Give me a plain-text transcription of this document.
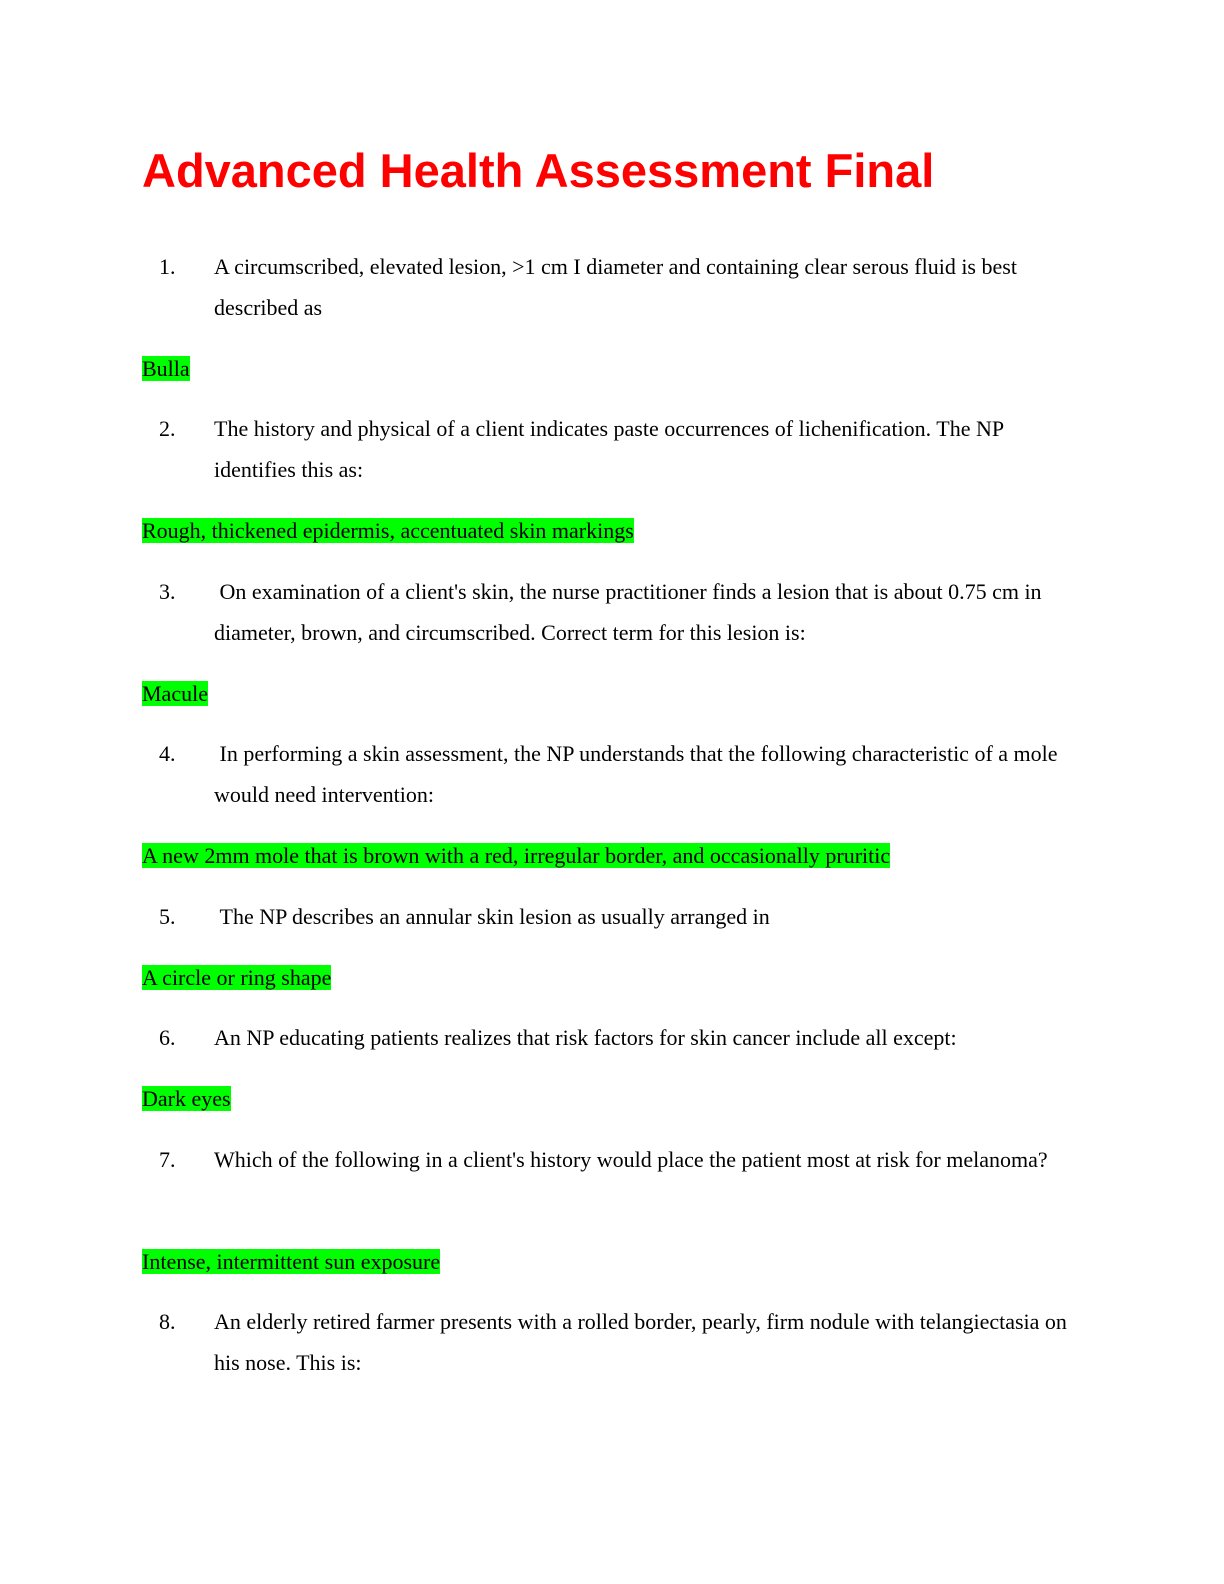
Advanced Health Assessment Final
1. A circumscribed, elevated lesion, >1 cm I diameter and containing clear serous fluid is best described as
Bulla
2. The history and physical of a client indicates paste occurrences of lichenification. The NP identifies this as:
Rough, thickened epidermis, accentuated skin markings
3. On examination of a client's skin, the nurse practitioner finds a lesion that is about 0.75 cm in diameter, brown, and circumscribed. Correct term for this lesion is:
Macule
4. In performing a skin assessment, the NP understands that the following characteristic of a mole would need intervention:
A new 2mm mole that is brown with a red, irregular border, and occasionally pruritic
5. The NP describes an annular skin lesion as usually arranged in
A circle or ring shape
6. An NP educating patients realizes that risk factors for skin cancer include all except:
Dark eyes
7. Which of the following in a client's history would place the patient most at risk for melanoma?
Intense, intermittent sun exposure
8. An elderly retired farmer presents with a rolled border, pearly, firm nodule with telangiectasia on his nose. This is:
